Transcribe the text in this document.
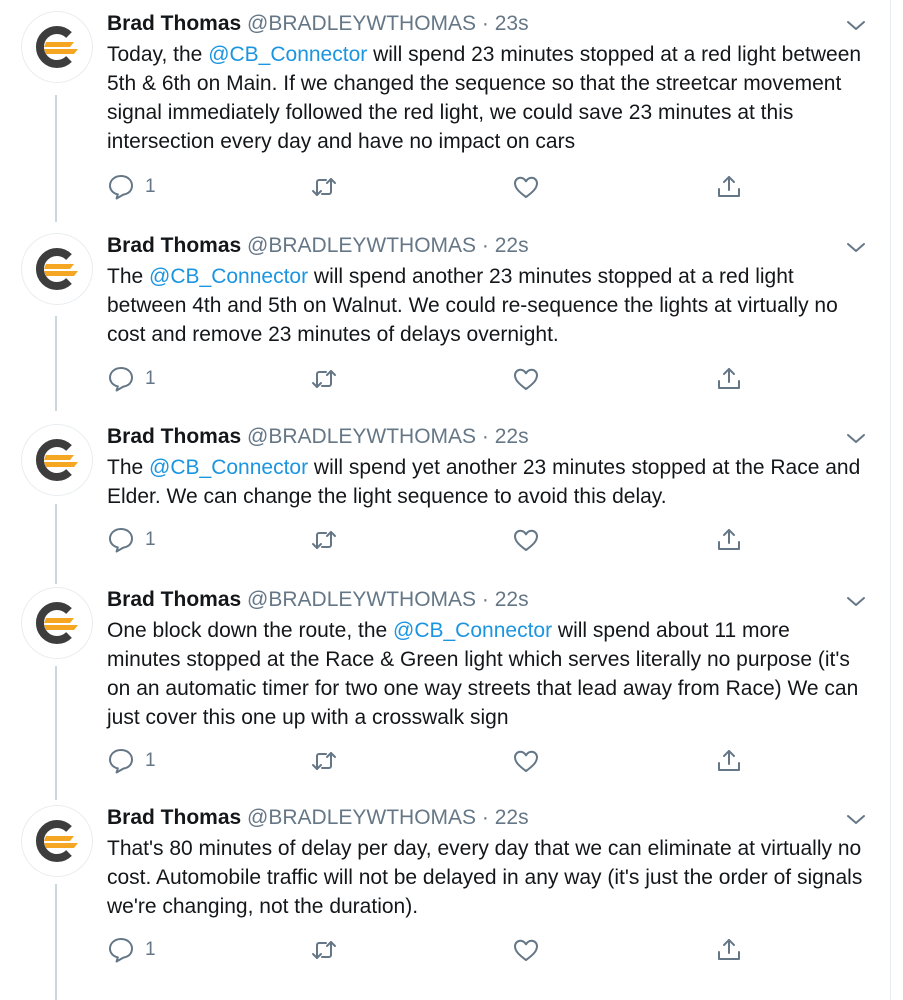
Brad Thomas @BRADLEYWTHOMAS · 23s
Today, the @CB_Connector will spend 23 minutes stopped at a red light between 5th & 6th on Main. If we changed the sequence so that the streetcar movement signal immediately followed the red light, we could save 23 minutes at this intersection every day and have no impact on cars
1
Brad Thomas @BRADLEYWTHOMAS · 22s
The @CB_Connector will spend another 23 minutes stopped at a red light between 4th and 5th on Walnut. We could re-sequence the lights at virtually no cost and remove 23 minutes of delays overnight.
1
Brad Thomas @BRADLEYWTHOMAS · 22s
The @CB_Connector will spend yet another 23 minutes stopped at the Race and Elder. We can change the light sequence to avoid this delay.
1
Brad Thomas @BRADLEYWTHOMAS · 22s
One block down the route, the @CB_Connector will spend about 11 more minutes stopped at the Race & Green light which serves literally no purpose (it's on an automatic timer for two one way streets that lead away from Race) We can just cover this one up with a crosswalk sign
1
Brad Thomas @BRADLEYWTHOMAS · 22s
That's 80 minutes of delay per day, every day that we can eliminate at virtually no cost. Automobile traffic will not be delayed in any way (it's just the order of signals we're changing, not the duration).
1
